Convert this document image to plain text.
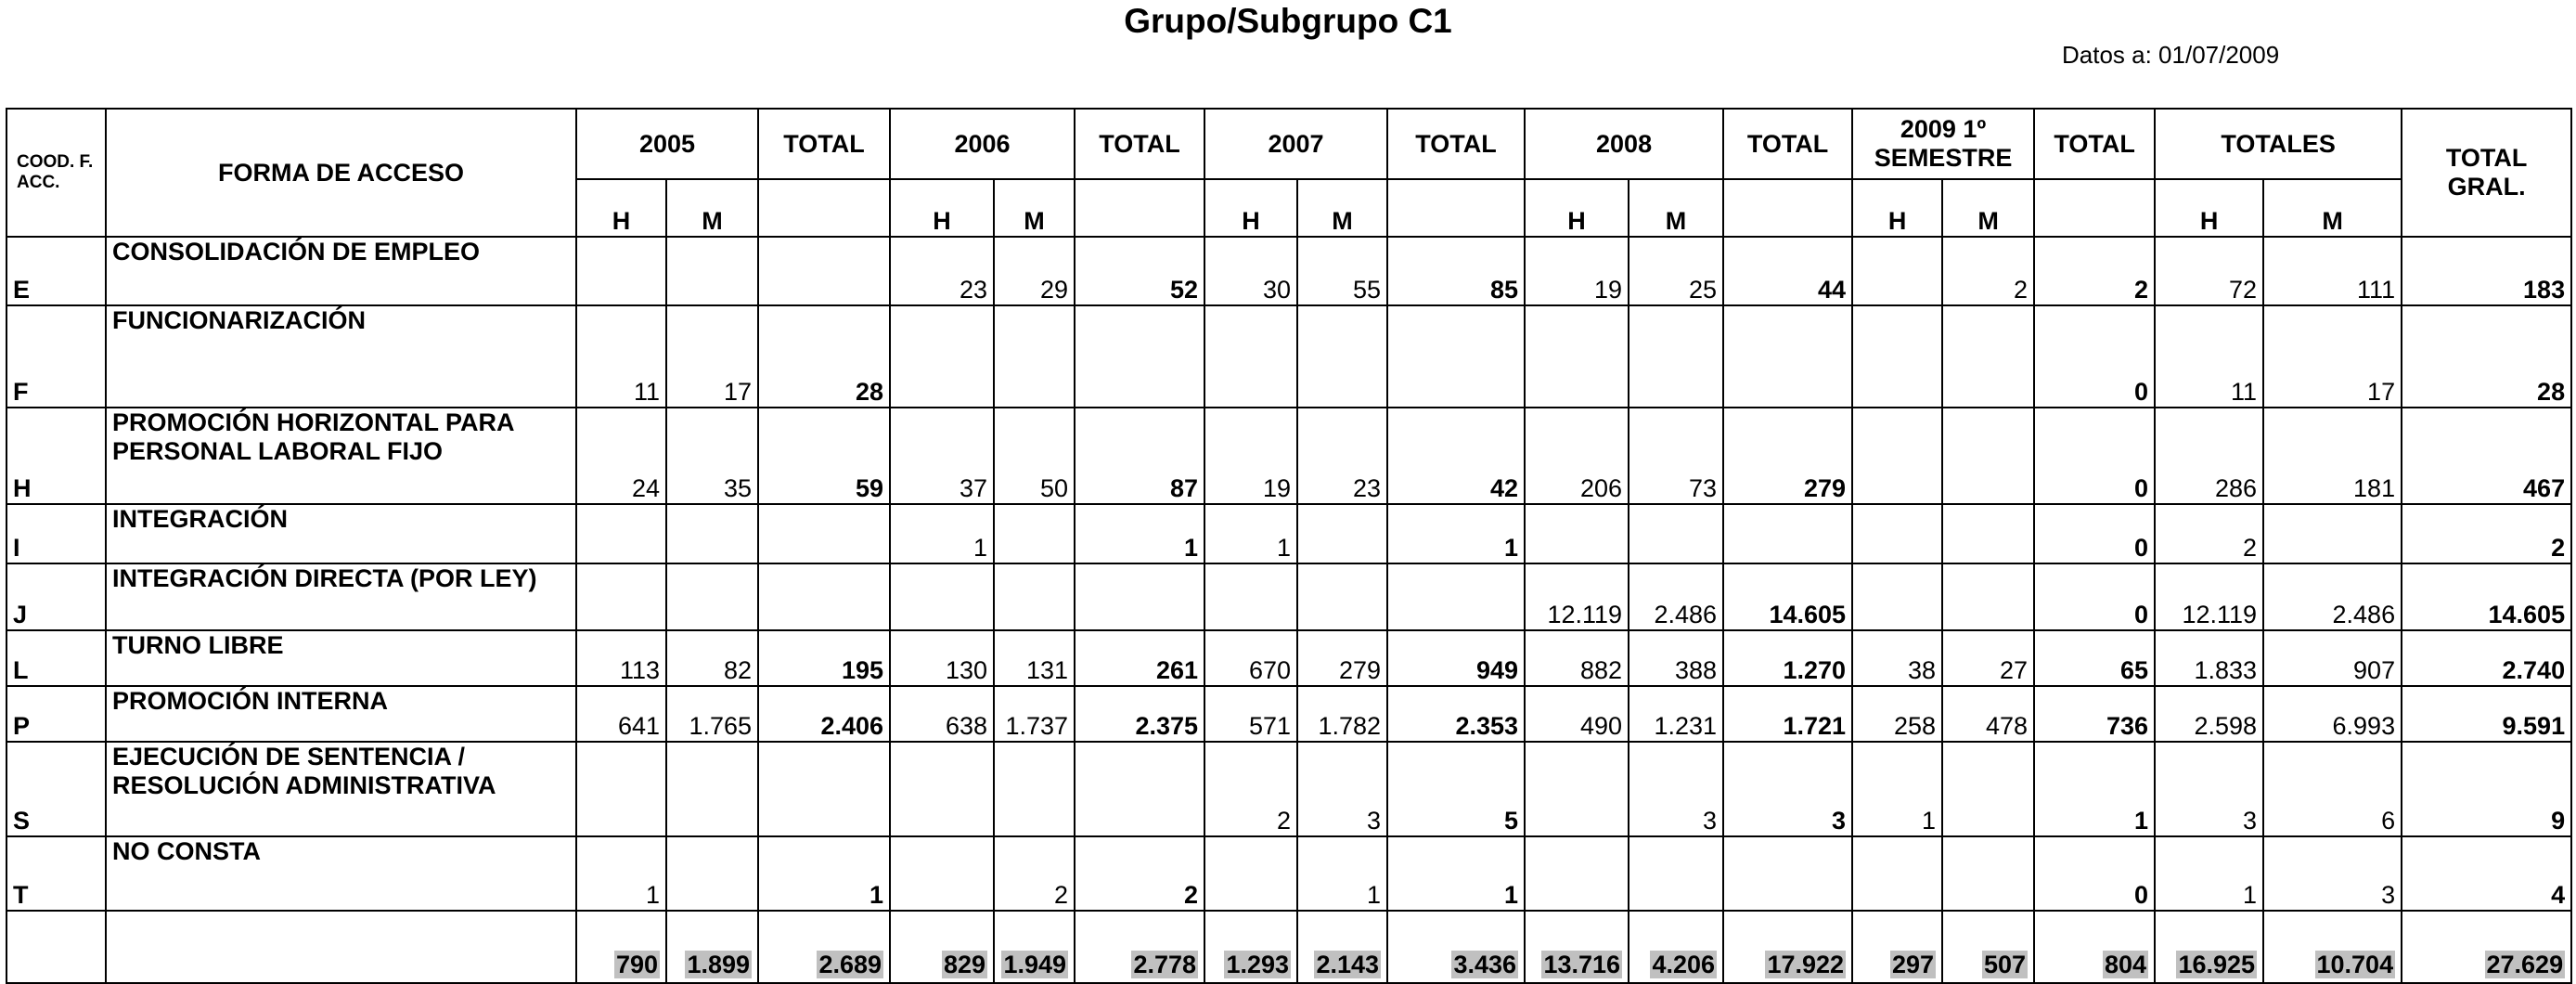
Grupo/Subgrupo C1
Datos a: 01/07/2009
COOD. F. ACC.	FORMA DE ACCESO	2005		TOTAL	2006		TOTAL	2007		TOTAL	2008		TOTAL	2009 1º SEMESTRE		TOTAL	TOTALES		TOTAL GRAL.
		H	M		H	M		H	M		H	M		H	M		H	M	
E	CONSOLIDACIÓN DE EMPLEO				23	29	52	30	55	85	19	25	44		2	2	72	111	183
F	FUNCIONARIZACIÓN	11	17	28												0	11	17	28
H	PROMOCIÓN HORIZONTAL PARA PERSONAL LABORAL FIJO	24	35	59	37	50	87	19	23	42	206	73	279			0	286	181	467
I	INTEGRACIÓN				1		1	1		1						0	2		2
J	INTEGRACIÓN DIRECTA (POR LEY)										12.119	2.486	14.605			0	12.119	2.486	14.605
L	TURNO LIBRE	113	82	195	130	131	261	670	279	949	882	388	1.270	38	27	65	1.833	907	2.740
P	PROMOCIÓN INTERNA	641	1.765	2.406	638	1.737	2.375	571	1.782	2.353	490	1.231	1.721	258	478	736	2.598	6.993	9.591
S	EJECUCIÓN DE SENTENCIA / RESOLUCIÓN ADMINISTRATIVA							2	3	5		3	3	1		1	3	6	9
T	NO CONSTA	1		1		2	2		1	1						0	1	3	4
		790	1.899	2.689	829	1.949	2.778	1.293	2.143	3.436	13.716	4.206	17.922	297	507	804	16.925	10.704	27.629
